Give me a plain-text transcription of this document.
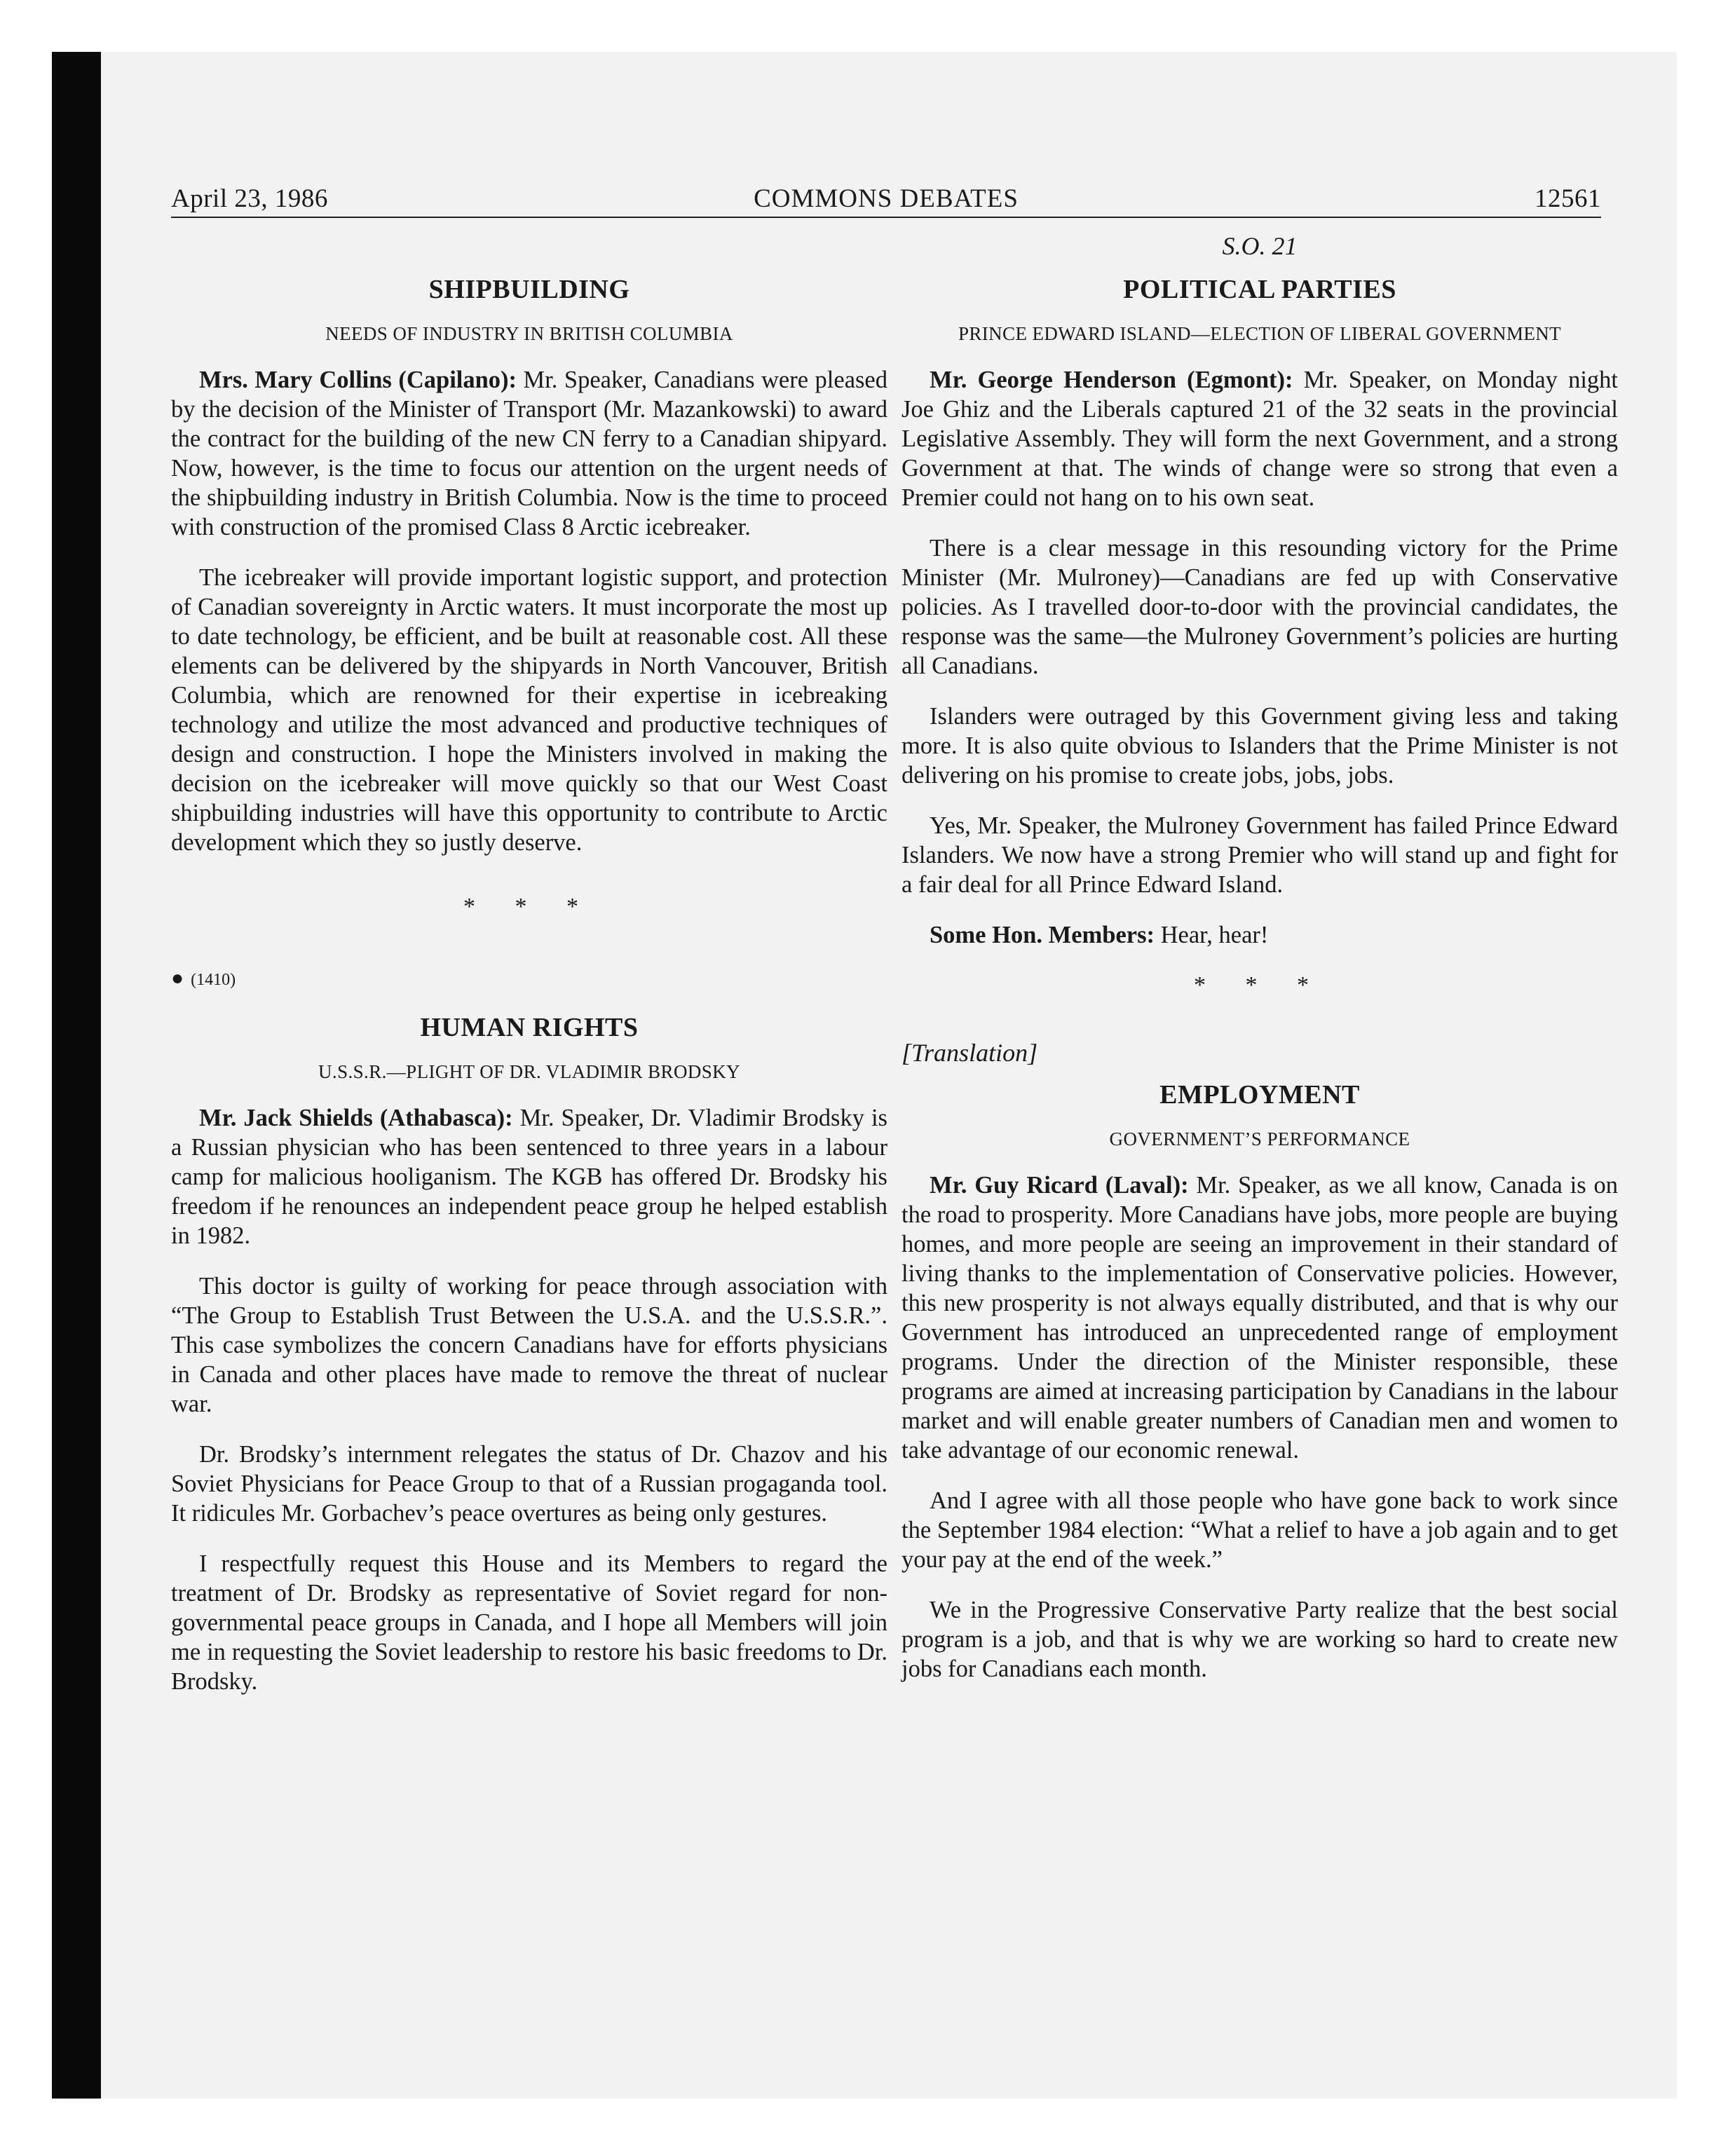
April 23, 1986	COMMONS DEBATES	12561
SHIPBUILDING
NEEDS OF INDUSTRY IN BRITISH COLUMBIA

Mrs. Mary Collins (Capilano): Mr. Speaker, Canadians were pleased by the decision of the Minister of Transport (Mr. Mazankowski) to award the contract for the building of the new CN ferry to a Canadian shipyard. Now, however, is the time to focus our attention on the urgent needs of the shipbuilding industry in British Columbia. Now is the time to proceed with construction of the promised Class 8 Arctic icebreaker.

The icebreaker will provide important logistic support, and protection of Canadian sovereignty in Arctic waters. It must incorporate the most up to date technology, be efficient, and be built at reasonable cost. All these elements can be delivered by the shipyards in North Vancouver, British Columbia, which are renowned for their expertise in icebreaking technology and utilize the most advanced and productive techniques of design and construction. I hope the Ministers involved in making the decision on the icebreaker will move quickly so that our West Coast shipbuilding industries will have this opportunity to contribute to Arctic development which they so justly deserve.

* * *
● (1410)
HUMAN RIGHTS
U.S.S.R.—PLIGHT OF DR. VLADIMIR BRODSKY

Mr. Jack Shields (Athabasca): Mr. Speaker, Dr. Vladimir Brodsky is a Russian physician who has been sentenced to three years in a labour camp for malicious hooliganism. The KGB has offered Dr. Brodsky his freedom if he renounces an independent peace group he helped establish in 1982.

This doctor is guilty of working for peace through association with “The Group to Establish Trust Between the U.S.A. and the U.S.S.R.”. This case symbolizes the concern Canadians have for efforts physicians in Canada and other places have made to remove the threat of nuclear war.

Dr. Brodsky’s internment relegates the status of Dr. Chazov and his Soviet Physicians for Peace Group to that of a Russian progaganda tool. It ridicules Mr. Gorbachev’s peace overtures as being only gestures.

I respectfully request this House and its Members to regard the treatment of Dr. Brodsky as representative of Soviet regard for non-governmental peace groups in Canada, and I hope all Members will join me in requesting the Soviet leadership to restore his basic freedoms to Dr. Brodsky.

S.O. 21
POLITICAL PARTIES
PRINCE EDWARD ISLAND—ELECTION OF LIBERAL GOVERNMENT

Mr. George Henderson (Egmont): Mr. Speaker, on Monday night Joe Ghiz and the Liberals captured 21 of the 32 seats in the provincial Legislative Assembly. They will form the next Government, and a strong Government at that. The winds of change were so strong that even a Premier could not hang on to his own seat.

There is a clear message in this resounding victory for the Prime Minister (Mr. Mulroney)—Canadians are fed up with Conservative policies. As I travelled door-to-door with the provincial candidates, the response was the same—the Mulroney Government’s policies are hurting all Canadians.

Islanders were outraged by this Government giving less and taking more. It is also quite obvious to Islanders that the Prime Minister is not delivering on his promise to create jobs, jobs, jobs.

Yes, Mr. Speaker, the Mulroney Government has failed Prince Edward Islanders. We now have a strong Premier who will stand up and fight for a fair deal for all Prince Edward Island.

Some Hon. Members: Hear, hear!

* * *
[Translation]
EMPLOYMENT
GOVERNMENT’S PERFORMANCE

Mr. Guy Ricard (Laval): Mr. Speaker, as we all know, Canada is on the road to prosperity. More Canadians have jobs, more people are buying homes, and more people are seeing an improvement in their standard of living thanks to the implementation of Conservative policies. However, this new prosperity is not always equally distributed, and that is why our Government has introduced an unprecedented range of employment programs. Under the direction of the Minister responsible, these programs are aimed at increasing participation by Canadians in the labour market and will enable greater numbers of Canadian men and women to take advantage of our economic renewal.

And I agree with all those people who have gone back to work since the September 1984 election: “What a relief to have a job again and to get your pay at the end of the week.”

We in the Progressive Conservative Party realize that the best social program is a job, and that is why we are working so hard to create new jobs for Canadians each month.
